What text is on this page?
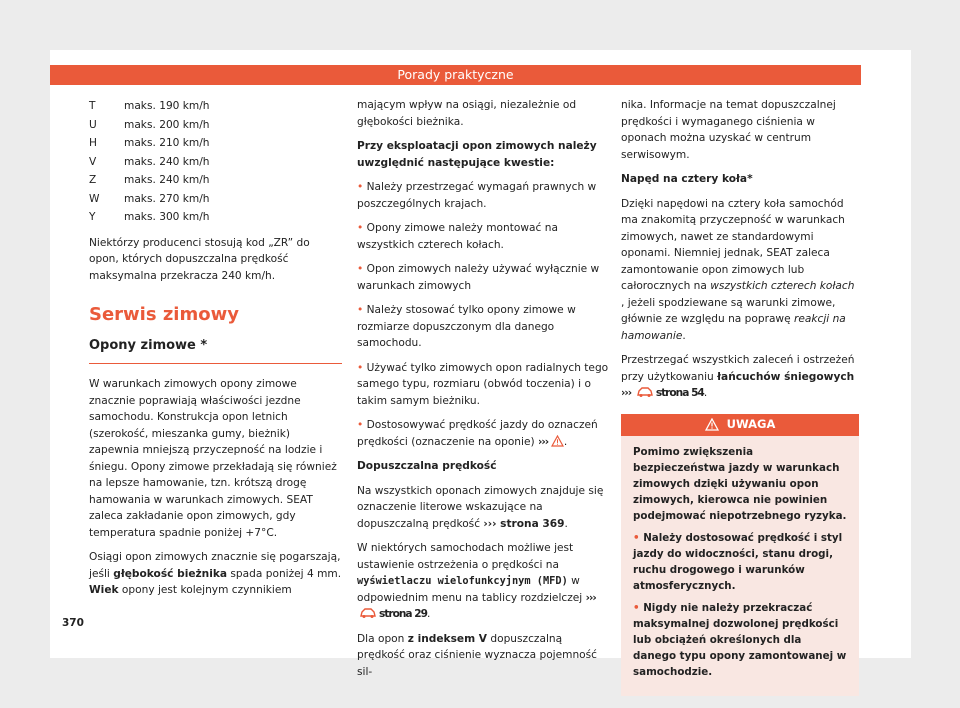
Porady praktyczne
T	maks. 190 km/h
U	maks. 200 km/h
H	maks. 210 km/h
V	maks. 240 km/h
Z	maks. 240 km/h
W	maks. 270 km/h
Y	maks. 300 km/h

Niektórzy producenci stosują kod „ZR” do opon, których dopuszczalna prędkość maksymalna przekracza 240 km/h.

Serwis zimowy
Opony zimowe *

W warunkach zimowych opony zimowe znacznie poprawiają właściwości jezdne samochodu. Konstrukcja opon letnich (szerokość, mieszanka gumy, bieżnik) zapewnia mniejszą przyczepność na lodzie i śniegu. Opony zimowe przekładają się również na lepsze hamowanie, tzn. krótszą drogę hamowania w warunkach zimowych. SEAT zaleca zakładanie opon zimowych, gdy temperatura spadnie poniżej +7°C.

Osiągi opon zimowych znacznie się pogarszają, jeśli głębokość bieżnika spada poniżej 4 mm. Wiek opony jest kolejnym czynnikiem

mającym wpływ na osiągi, niezależnie od głębokości bieżnika.

Przy eksploatacji opon zimowych należy uwzględnić następujące kwestie:

• Należy przestrzegać wymagań prawnych w poszczególnych krajach.

• Opony zimowe należy montować na wszystkich czterech kołach.

• Opon zimowych należy używać wyłącznie w warunkach zimowych

• Należy stosować tylko opony zimowe w rozmiarze dopuszczonym dla danego samochodu.

• Używać tylko zimowych opon radialnych tego samego typu, rozmiaru (obwód toczenia) i o takim samym bieżniku.

• Dostosowywać prędkość jazdy do oznaczeń prędkości (oznaczenie na oponie) ››› .

Dopuszczalna prędkość

Na wszystkich oponach zimowych znajduje się oznaczenie literowe wskazujące na dopuszczalną prędkość ››› strona 369.

W niektórych samochodach możliwe jest ustawienie ostrzeżenia o prędkości na wyświetlaczu wielofunkcyjnym (MFD) w odpowiednim menu na tablicy rozdzielczej ››› strona 29.

Dla opon z indeksem V dopuszczalną prędkość oraz ciśnienie wyznacza pojemność sil-

nika. Informacje na temat dopuszczalnej prędkości i wymaganego ciśnienia w oponach można uzyskać w centrum serwisowym.

Napęd na cztery koła*

Dzięki napędowi na cztery koła samochód ma znakomitą przyczepność w warunkach zimowych, nawet ze standardowymi oponami. Niemniej jednak, SEAT zaleca zamontowanie opon zimowych lub całorocznych na wszystkich czterech kołach , jeżeli spodziewane są warunki zimowe, głównie ze względu na poprawę reakcji na hamowanie.

Przestrzegać wszystkich zaleceń i ostrzeżeń przy użytkowaniu łańcuchów śniegowych
››› strona 54.

UWAGA

Pomimo zwiększenia bezpieczeństwa jazdy w warunkach zimowych dzięki używaniu opon zimowych, kierowca nie powinien podejmować niepotrzebnego ryzyka.

• Należy dostosować prędkość i styl jazdy do widoczności, stanu drogi, ruchu drogowego i warunków atmosferycznych.

• Nigdy nie należy przekraczać maksymalnej dozwolonej prędkości lub obciążeń określonych dla danego typu opony zamontowanej w samochodzie.

370
